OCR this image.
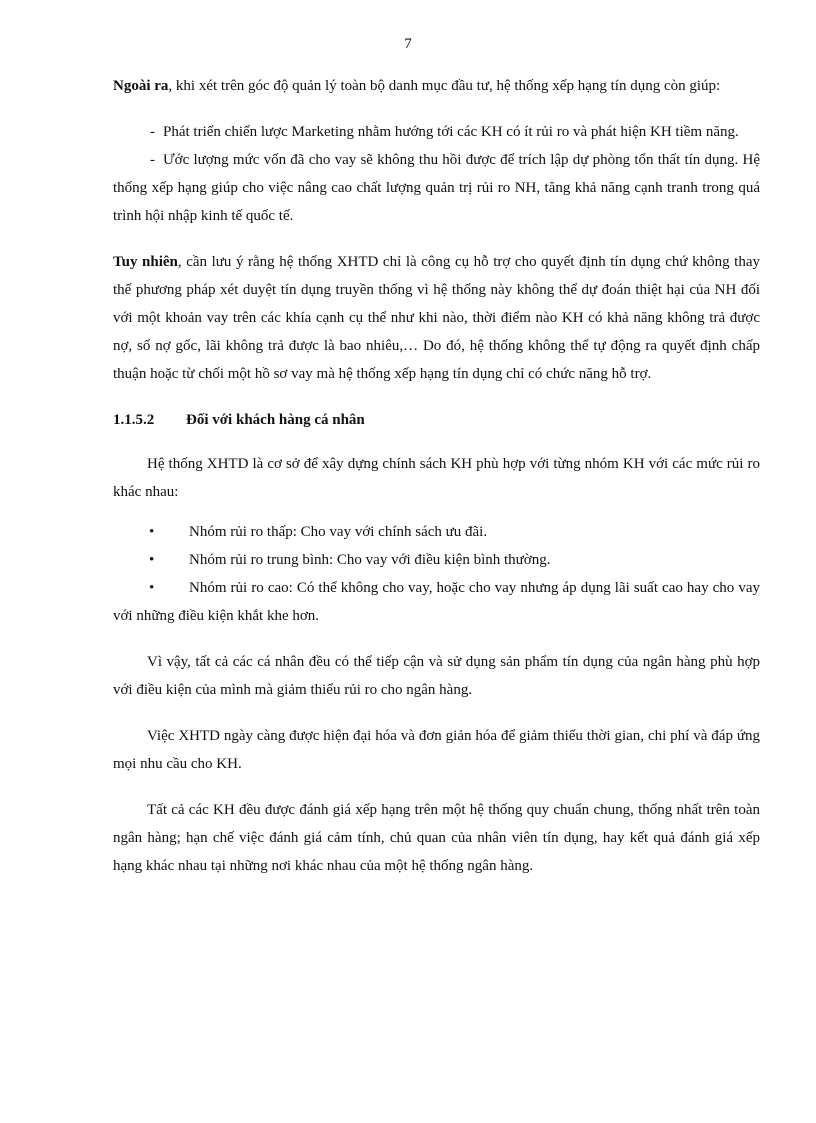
7

Ngoài ra, khi xét trên góc độ quản lý toàn bộ danh mục đầu tư, hệ thống xếp hạng tín dụng còn giúp:

- Phát triển chiến lược Marketing nhằm hướng tới các KH có ít rủi ro và phát hiện KH tiềm năng.
- Ước lượng mức vốn đã cho vay sẽ không thu hồi được để trích lập dự phòng tổn thất tín dụng. Hệ thống xếp hạng giúp cho việc nâng cao chất lượng quản trị rủi ro NH, tăng khả năng cạnh tranh trong quá trình hội nhập kinh tế quốc tế.

Tuy nhiên, cần lưu ý rằng hệ thống XHTD chỉ là công cụ hỗ trợ cho quyết định tín dụng chứ không thay thế phương pháp xét duyệt tín dụng truyền thống vì hệ thống này không thể dự đoán thiệt hại của NH đối với một khoản vay trên các khía cạnh cụ thể như khi nào, thời điểm nào KH có khả năng không trả được nợ, số nợ gốc, lãi không trả được là bao nhiêu,… Do đó, hệ thống không thể tự động ra quyết định chấp thuận hoặc từ chối một hồ sơ vay mà hệ thống xếp hạng tín dụng chỉ có chức năng hỗ trợ.

1.1.5.2	Đối với khách hàng cá nhân

Hệ thống XHTD là cơ sở để xây dựng chính sách KH phù hợp với từng nhóm KH với các mức rủi ro khác nhau:

• Nhóm rủi ro thấp: Cho vay với chính sách ưu đãi.
• Nhóm rủi ro trung bình: Cho vay với điều kiện bình thường.
• Nhóm rủi ro cao: Có thể không cho vay, hoặc cho vay nhưng áp dụng lãi suất cao hay cho vay với những điều kiện khắt khe hơn.

Vì vậy, tất cả các cá nhân đều có thể tiếp cận và sử dụng sản phẩm tín dụng của ngân hàng phù hợp với điều kiện của mình mà giảm thiểu rủi ro cho ngân hàng.

Việc XHTD ngày càng được hiện đại hóa và đơn giản hóa để giảm thiểu thời gian, chi phí và đáp ứng mọi nhu cầu cho KH.

Tất cả các KH đều được đánh giá xếp hạng trên một hệ thống quy chuẩn chung, thống nhất trên toàn ngân hàng; hạn chế việc đánh giá cảm tính, chủ quan của nhân viên tín dụng, hay kết quả đánh giá xếp hạng khác nhau tại những nơi khác nhau của một hệ thống ngân hàng.
